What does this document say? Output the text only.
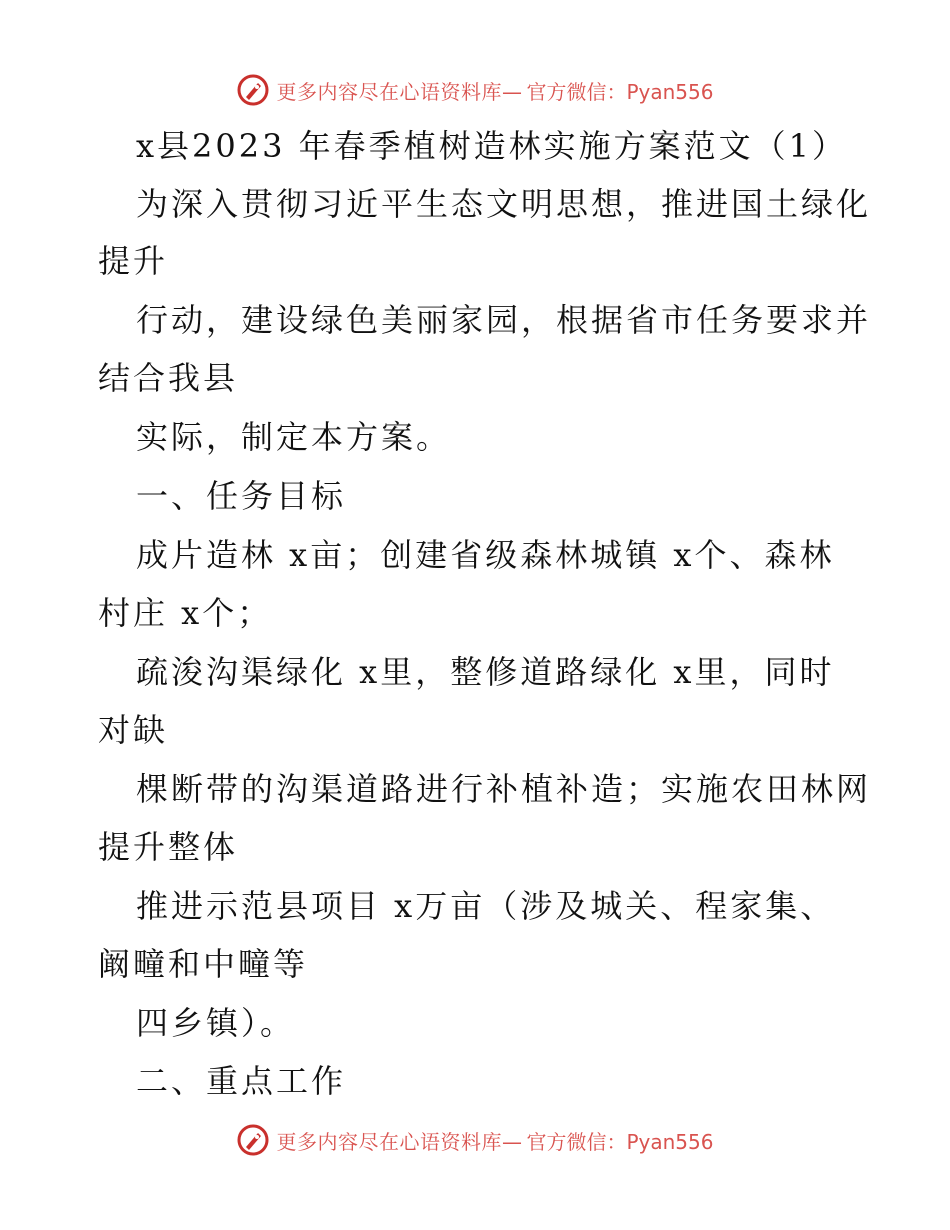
更多内容尽在心语资料库— 官方微信：Pyan556
x县2023 年春季植树造林实施方案范文（1）
为深入贯彻习近平生态文明思想，推进国土绿化
提升
行动，建设绿色美丽家园，根据省市任务要求并
结合我县
实际，制定本方案。
一、任务目标
成片造林 x亩；创建省级森林城镇 x个、森林
村庄 x个；
疏浚沟渠绿化 x里，整修道路绿化 x里，同时
对缺
棵断带的沟渠道路进行补植补造；实施农田林网
提升整体
推进示范县项目 x万亩（涉及城关、程家集、
阚疃和中疃等
四乡镇）。
二、重点工作
更多内容尽在心语资料库— 官方微信：Pyan556
